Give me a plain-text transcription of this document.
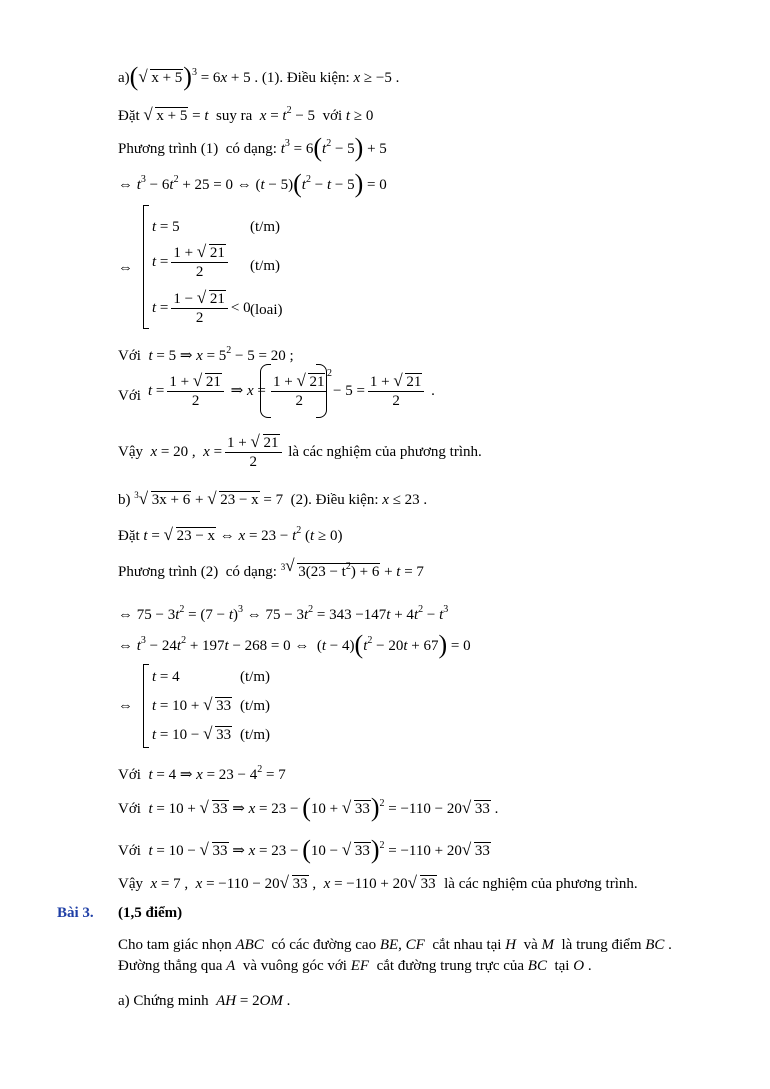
a)( √ x + 5)$^3$ = 6x + 5 . (1). Điều kiện: x ≥ −5 .
Đặt √ x + 5 = t suy ra $x = t^2 - 5$  với t ≥ 0
Phương trình (1)  có dạng: $t^3 = 6(t^2 - 5) + 5$
⇔ $t^3 - 6t^2 + 25 = 0$ ⇔ $(t - 5)(t^2 - t - 5) = 0$
⇔
t = 5	(t/m)
$t = \frac{1 + √ 21}{2} (t/m)$
$t = \frac{1 - √ 21}{2} < 0$ (loai)
Với t = 5 ⇒ $x = 5^2 - 5 = 20$ ;
Với $t = \frac{1 + √ 21}{2}$ ⇒ $x = \frac{1 + √ 21}{2} 2$
− $5 = \frac{1 + √ 21}{2}$ .
Vậy x = 20 ,  $x = \frac{1 + √ 21}{2}$ là các nghiệm của phương trình.
b) $^3$ √ 3x + 6 + √ 23 − x = 7  (2). Điều kiện: x ≤ 23 .
Đặt t = √ 23 − x ⇔ $x = 23 - t^2$ (t ≥ 0)
Phương trình (2)  có dạng: $^3$ √ $3(23 - t^2) + 6 + t = 7$
⇔ $75 - 3t^2 = (7 - t)^3$ ⇔ $75 - 3t^2 = 343 -147t + 4t^2 - t^3$
⇔ $t^3 - 24t^2 + 197t - 268 = 0$ ⇔  $(t - 4)(t^2 - 20t + 67) = 0$
⇔
t = 4	(t/m)
t = 10 + √ 33 (t/m)
t = 10 − √ 33 (t/m)
Với t = 4 ⇒ $x = 23 - 4^2 = 7$
Với t = 10 + √ 33 ⇒ x = 23 − (10 + √ 33)$^2$ = −110 − 20 √ 33 .
Với t = 10 − √ 33 ⇒ x = 23 − (10 − √ 33)$^2$ = −110 + 20 √ 33
Vậy x = 7 ,  x = −110 − 20 √ 33 ,  x = −110 + 20 √ 33 là các nghiệm của phương trình.
Bài 3. (1,5 điểm)
Cho tam giác nhọn ABC có các đường cao BE, CF cắt nhau tại H và M là trung điểm BC .
Đường thẳng qua A và vuông góc với EF cắt đường trung trực của BC tại O .
a) Chứng minh AH = 2OM .
